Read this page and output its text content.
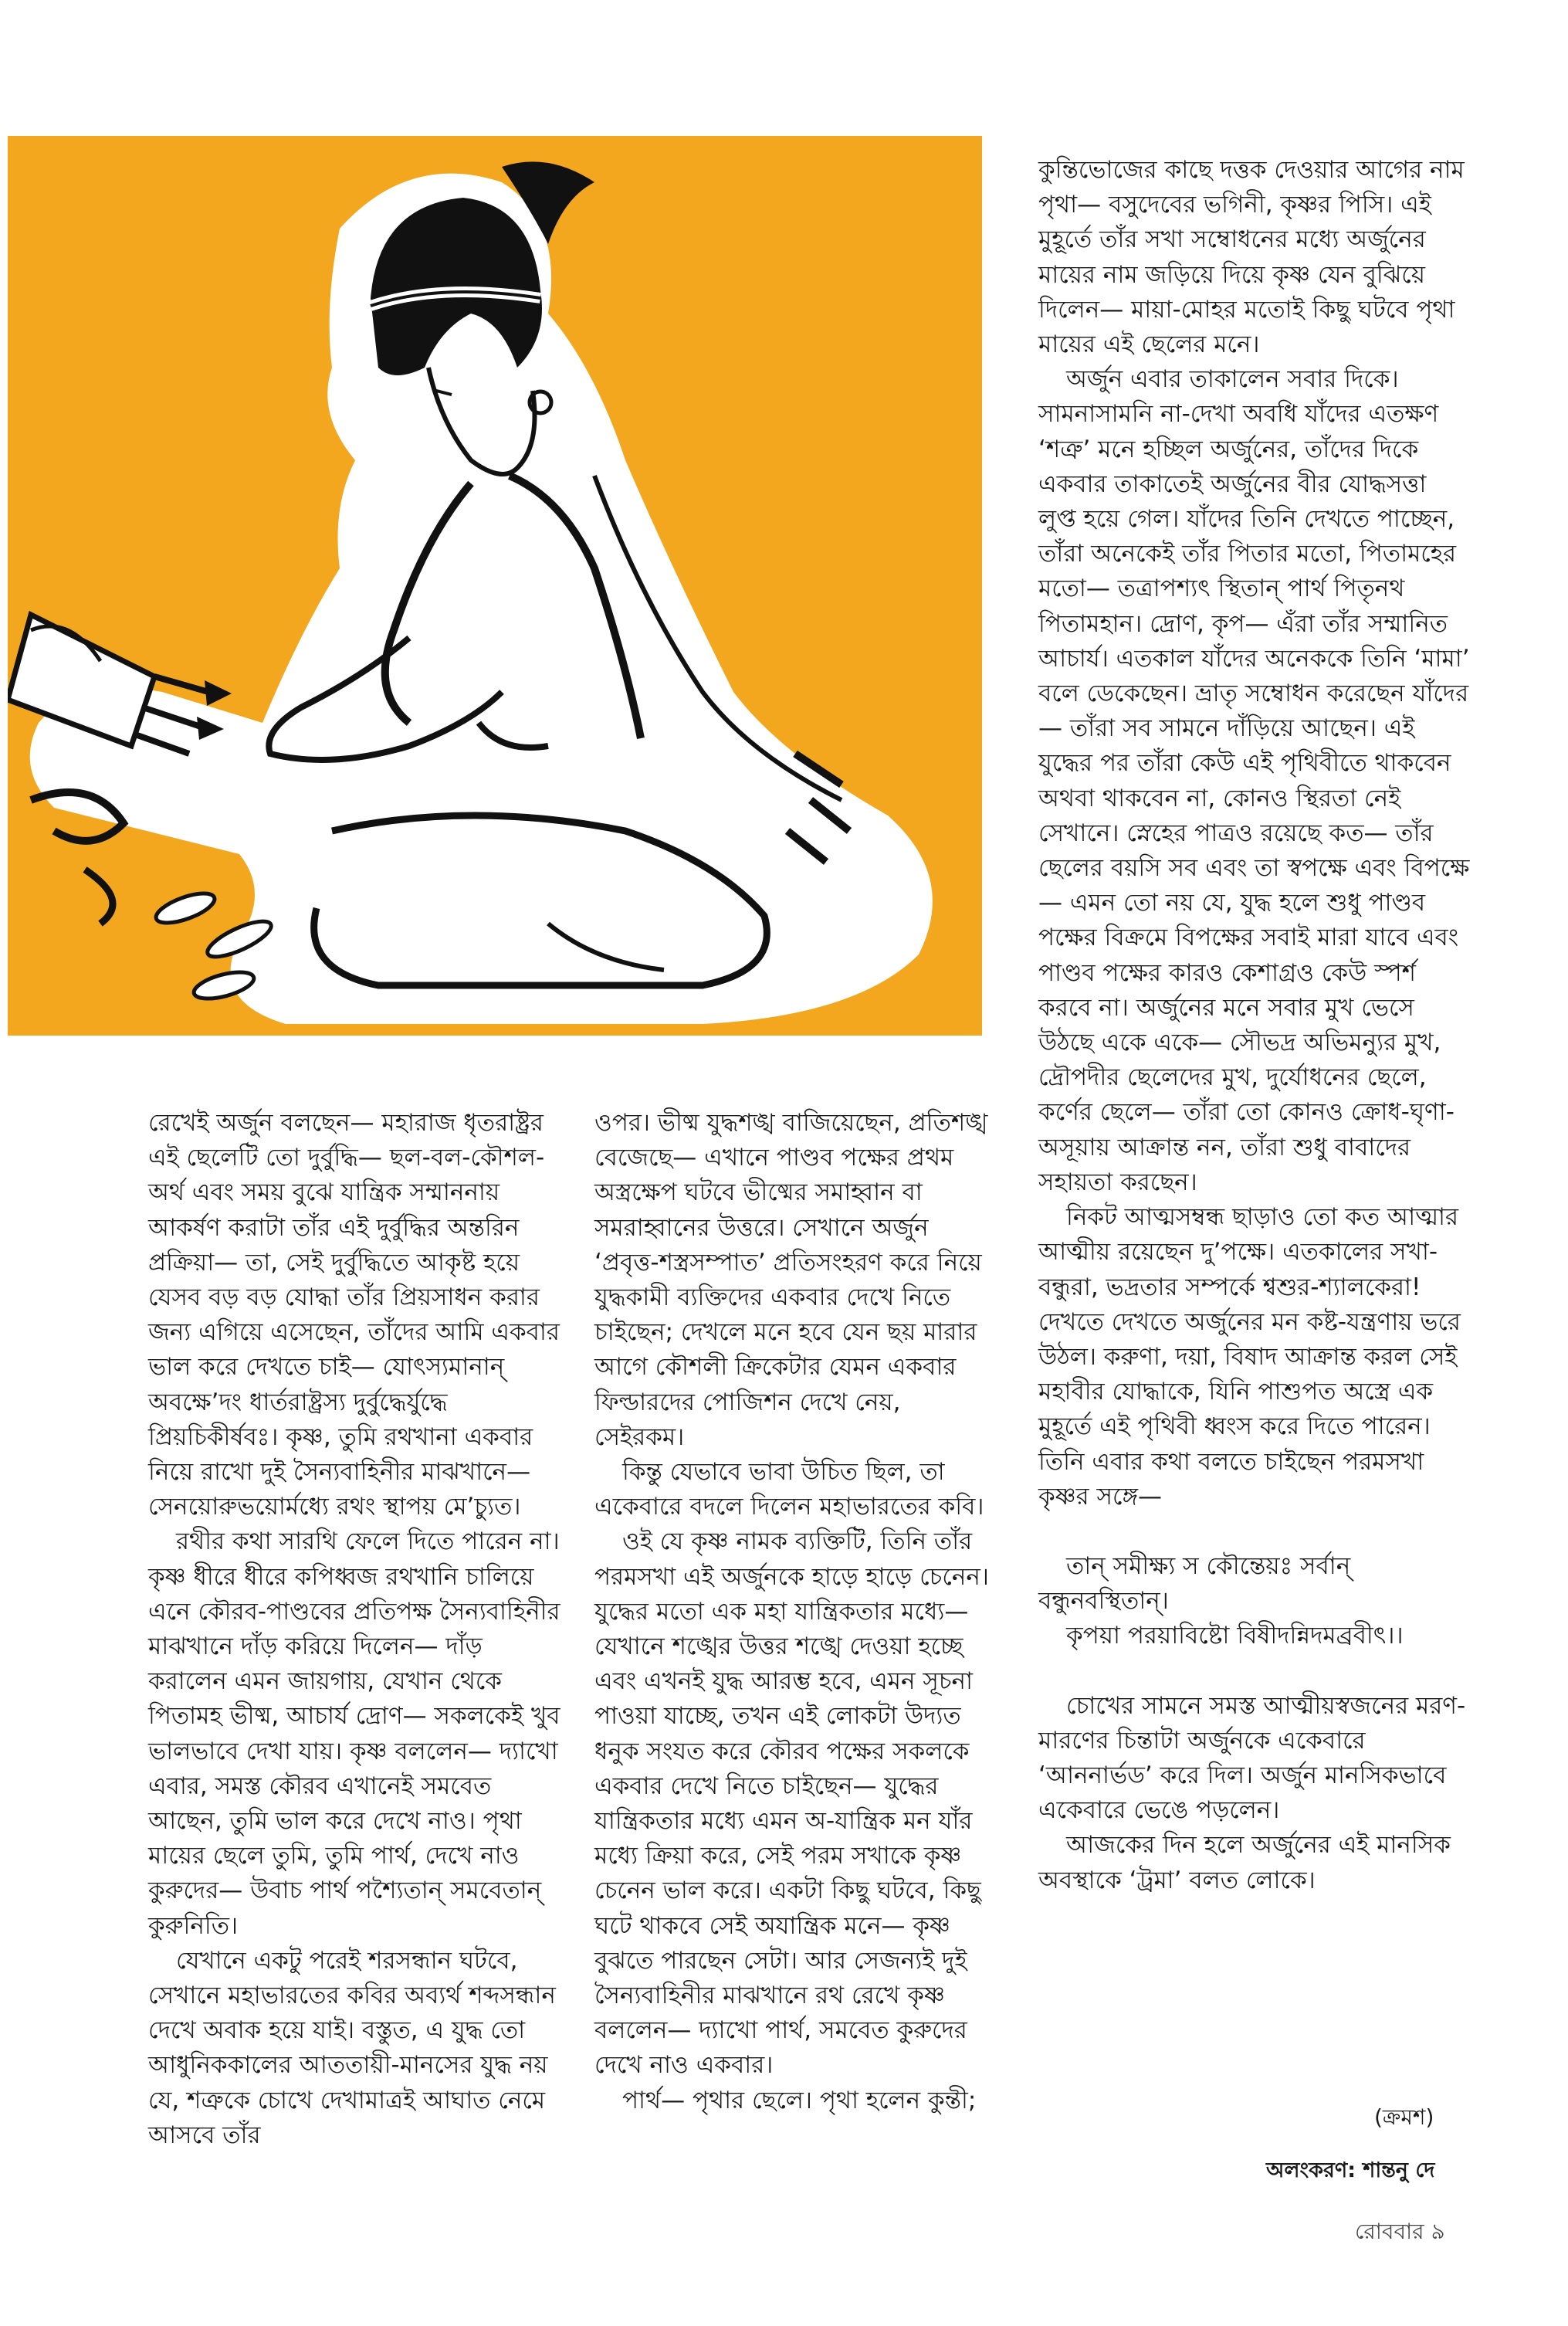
রেখেই অর্জুন বলছেন— মহারাজ ধৃতরাষ্ট্রর এই ছেলেটি তো দুর্বুদ্ধি— ছল-বল-কৌশল-অর্থ এবং সময় বুঝে যান্ত্রিক সম্মাননায় আকর্ষণ করাটা তাঁর এই দুর্বুদ্ধির অন্তরিন প্রক্রিয়া— তা, সেই দুর্বুদ্ধিতে আকৃষ্ট হয়ে যেসব বড় বড় যোদ্ধা তাঁর প্রিয়সাধন করার জন্য এগিয়ে এসেছেন, তাঁদের আমি একবার ভাল করে দেখতে চাই— যোৎস্যমানান্‌ অবক্ষে’দং ধার্তরাষ্ট্রস্য দুর্বুদ্ধের্যুদ্ধে প্রিয়চিকীর্ষবঃ। কৃষ্ণ, তুমি রথখানা একবার নিয়ে রাখো দুই সৈন্যবাহিনীর মাঝখানে— সেনয়োরুভয়োর্মধ্যে রথং স্থাপয় মে’চ্যুত।

রথীর কথা সারথি ফেলে দিতে পারেন না। কৃষ্ণ ধীরে ধীরে কপিধ্বজ রথখানি চালিয়ে এনে কৌরব-পাণ্ডবের প্রতিপক্ষ সৈন্যবাহিনীর মাঝখানে দাঁড় করিয়ে দিলেন— দাঁড় করালেন এমন জায়গায়, যেখান থেকে পিতামহ ভীষ্ম, আচার্য দ্রোণ— সকলকেই খুব ভালভাবে দেখা যায়। কৃষ্ণ বললেন— দ্যাখো এবার, সমস্ত কৌরব এখানেই সমবেত আছেন, তুমি ভাল করে দেখে নাও। পৃথা মায়ের ছেলে তুমি, তুমি পার্থ, দেখে নাও কুরুদের— উবাচ পার্থ পশ্যৈতান্‌ সমবেতান্‌ কুরুনিতি।

যেখানে একটু পরেই শরসন্ধান ঘটবে, সেখানে মহাভারতের কবির অব্যর্থ শব্দসন্ধান দেখে অবাক হয়ে যাই। বস্তুত, এ যুদ্ধ তো আধুনিককালের আততায়ী-মানসের যুদ্ধ নয় যে, শত্রুকে চোখে দেখামাত্রই আঘাত নেমে আসবে তাঁর

ওপর। ভীষ্ম যুদ্ধশঙ্খ বাজিয়েছেন, প্রতিশঙ্খ বেজেছে— এখানে পাণ্ডব পক্ষের প্রথম অস্ত্রক্ষেপ ঘটবে ভীষ্মের সমাহ্বান বা সমরাহ্বানের উত্তরে। সেখানে অর্জুন ‘প্রবৃত্ত-শস্ত্রসম্পাত’ প্রতিসংহরণ করে নিয়ে যুদ্ধকামী ব্যক্তিদের একবার দেখে নিতে চাইছেন; দেখলে মনে হবে যেন ছয় মারার আগে কৌশলী ক্রিকেটার যেমন একবার ফিল্ডারদের পোজিশন দেখে নেয়, সেইরকম।

কিন্তু যেভাবে ভাবা উচিত ছিল, তা একেবারে বদলে দিলেন মহাভারতের কবি।

ওই যে কৃষ্ণ নামক ব্যক্তিটি, তিনি তাঁর পরমসখা এই অর্জুনকে হাড়ে হাড়ে চেনেন। যুদ্ধের মতো এক মহা যান্ত্রিকতার মধ্যে— যেখানে শঙ্খের উত্তর শঙ্খে দেওয়া হচ্ছে এবং এখনই যুদ্ধ আরম্ভ হবে, এমন সূচনা পাওয়া যাচ্ছে, তখন এই লোকটা উদ্যত ধনুক সংযত করে কৌরব পক্ষের সকলকে একবার দেখে নিতে চাইছেন— যুদ্ধের যান্ত্রিকতার মধ্যে এমন অ-যান্ত্রিক মন যাঁর মধ্যে ক্রিয়া করে, সেই পরম সখাকে কৃষ্ণ চেনেন ভাল করে। একটা কিছু ঘটবে, কিছু ঘটে থাকবে সেই অযান্ত্রিক মনে— কৃষ্ণ বুঝতে পারছেন সেটা। আর সেজন্যই দুই সৈন্যবাহিনীর মাঝখানে রথ রেখে কৃষ্ণ বললেন— দ্যাখো পার্থ, সমবেত কুরুদের দেখে নাও একবার।

পার্থ— পৃথার ছেলে। পৃথা হলেন কুন্তী;

কুন্তিভোজের কাছে দত্তক দেওয়ার আগের নাম পৃথা— বসুদেবের ভগিনী, কৃষ্ণর পিসি। এই মুহূর্তে তাঁর সখা সম্বোধনের মধ্যে অর্জুনের মায়ের নাম জড়িয়ে দিয়ে কৃষ্ণ যেন বুঝিয়ে দিলেন— মায়া-মোহর মতোই কিছু ঘটবে পৃথা মায়ের এই ছেলের মনে।

অর্জুন এবার তাকালেন সবার দিকে। সামনাসামনি না-দেখা অবধি যাঁদের এতক্ষণ ‘শত্রু’ মনে হচ্ছিল অর্জুনের, তাঁদের দিকে একবার তাকাতেই অর্জুনের বীর যোদ্ধসত্তা লুপ্ত হয়ে গেল। যাঁদের তিনি দেখতে পাচ্ছেন, তাঁরা অনেকেই তাঁর পিতার মতো, পিতামহের মতো— তত্রাপশ্যৎ স্থিতান্‌ পার্থ পিতৃনথ পিতামহান। দ্রোণ, কৃপ— এঁরা তাঁর সম্মানিত আচার্য। এতকাল যাঁদের অনেককে তিনি ‘মামা’ বলে ডেকেছেন। ভ্রাতৃ সম্বোধন করেছেন যাঁদের— তাঁরা সব সামনে দাঁড়িয়ে আছেন। এই যুদ্ধের পর তাঁরা কেউ এই পৃথিবীতে থাকবেন অথবা থাকবেন না, কোনও স্থিরতা নেই সেখানে। স্নেহের পাত্রও রয়েছে কত— তাঁর ছেলের বয়সি সব এবং তা স্বপক্ষে এবং বিপক্ষে— এমন তো নয় যে, যুদ্ধ হলে শুধু পাণ্ডব পক্ষের বিক্রমে বিপক্ষের সবাই মারা যাবে এবং পাণ্ডব পক্ষের কারও কেশাগ্রও কেউ স্পর্শ করবে না। অর্জুনের মনে সবার মুখ ভেসে উঠছে একে একে— সৌভদ্র অভিমন্যুর মুখ, দ্রৌপদীর ছেলেদের মুখ, দুর্যোধনের ছেলে, কর্ণের ছেলে— তাঁরা তো কোনও ক্রোধ-ঘৃণা-অসূয়ায় আক্রান্ত নন, তাঁরা শুধু বাবাদের সহায়তা করছেন।

নিকট আত্মসম্বন্ধ ছাড়াও তো কত আত্মার আত্মীয় রয়েছেন দু’পক্ষে। এতকালের সখা-বন্ধুরা, ভদ্রতার সম্পর্কে শ্বশুর-শ্যালকেরা! দেখতে দেখতে অর্জুনের মন কষ্ট-যন্ত্রণায় ভরে উঠল। করুণা, দয়া, বিষাদ আক্রান্ত করল সেই মহাবীর যোদ্ধাকে, যিনি পাশুপত অস্ত্রে এক মুহূর্তে এই পৃথিবী ধ্বংস করে দিতে পারেন। তিনি এবার কথা বলতে চাইছেন পরমসখা কৃষ্ণর সঙ্গে—

তান্‌ সমীক্ষ্য স কৌন্তেয়ঃ সর্বান্‌ বন্ধুনবস্থিতান্‌।

কৃপয়া পরয়াবিষ্টো বিষীদন্নিদমব্রবীৎ।।

চোখের সামনে সমস্ত আত্মীয়স্বজনের মরণ-মারণের চিন্তাটা অর্জুনকে একেবারে ‘আননার্ভড’ করে দিল। অর্জুন মানসিকভাবে একেবারে ভেঙে পড়লেন।

আজকের দিন হলে অর্জুনের এই মানসিক অবস্থাকে ‘ট্রমা’ বলত লোকে।

(ক্রমশ)
অলংকরণ: শান্তনু দে
রোববার ৯
